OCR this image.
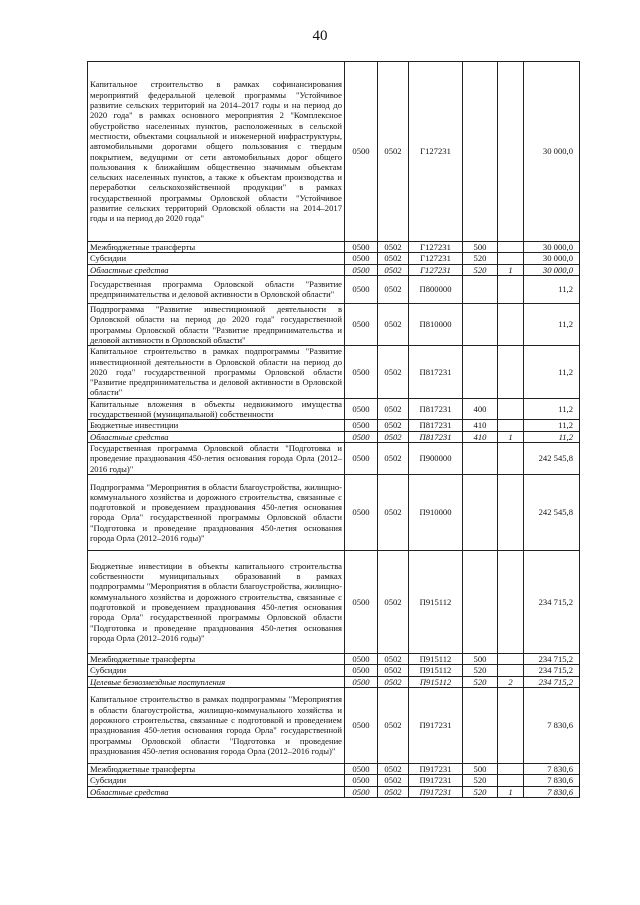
40
Капитальное строительство в рамках софинансирования мероприятий федеральной целевой программы "Устойчивое развитие сельских территорий на 2014–2017 годы и на период до 2020 года" в рамках основного мероприятия 2 "Комплексное обустройство населенных пунктов, расположенных в сельской местности, объектами социальной и инженерной инфраструктуры, автомобильными дорогами общего пользования с твердым покрытием, ведущими от сети автомобильных дорог общего пользования к ближайшим общественно значимым объектам сельских населенных пунктов, а также к объектам производства и переработки сельскохозяйственной продукции" в рамках государственной программы Орловской области "Устойчивое развитие сельских территорий Орловской области на 2014–2017 годы и на период до 2020 года"	0500	0502	Г127231			30 000,0
Межбюджетные трансферты	0500	0502	Г127231	500		30 000,0
Субсидии	0500	0502	Г127231	520		30 000,0
Областные средства	0500	0502	Г127231	520	1	30 000,0
Государственная программа Орловской области "Развитие предпринимательства и деловой активности в Орловской области"	0500	0502	П800000			11,2
Подпрограмма "Развитие инвестиционной деятельности в Орловской области на период до 2020 года" государственной программы Орловской области "Развитие предпринимательства и деловой активности в Орловской области"	0500	0502	П810000			11,2
Капитальное строительство в рамках подпрограммы "Развитие инвестиционной деятельности в Орловской области на период до 2020 года" государственной программы Орловской области "Развитие предпринимательства и деловой активности в Орловской области"	0500	0502	П817231			11,2
Капитальные вложения в объекты недвижимого имущества государственной (муниципальной) собственности	0500	0502	П817231	400		11,2
Бюджетные инвестиции	0500	0502	П817231	410		11,2
Областные средства	0500	0502	П817231	410	1	11,2
Государственная программа Орловской области "Подготовка и проведение празднования 450-летия основания города Орла (2012–2016 годы)"	0500	0502	П900000			242 545,8
Подпрограмма "Мероприятия в области благоустройства, жилищно-коммунального хозяйства и дорожного строительства, связанные с подготовкой и проведением празднования 450-летия основания города Орла" государственной программы Орловской области "Подготовка и проведение празднования 450-летия основания города Орла (2012–2016 годы)"	0500	0502	П910000			242 545,8
Бюджетные инвестиции в объекты капитального строительства собственности муниципальных образований в рамках подпрограммы "Мероприятия в области благоустройства, жилищно-коммунального хозяйства и дорожного строительства, связанные с подготовкой и проведением празднования 450-летия основания города Орла" государственной программы Орловской области "Подготовка и проведение празднования 450-летия основания города Орла (2012–2016 годы)"	0500	0502	П915112			234 715,2
Межбюджетные трансферты	0500	0502	П915112	500		234 715,2
Субсидии	0500	0502	П915112	520		234 715,2
Целевые безвозмездные поступления	0500	0502	П915112	520	2	234 715,2
Капитальное строительство в рамках подпрограммы "Мероприятия в области благоустройства, жилищно-коммунального хозяйства и дорожного строительства, связанные с подготовкой и проведением празднования 450-летия основания города Орла" государственной программы Орловской области "Подготовка и проведение празднования 450-летия основания города Орла (2012–2016 годы)"	0500	0502	П917231			7 830,6
Межбюджетные трансферты	0500	0502	П917231	500		7 830,6
Субсидии	0500	0502	П917231	520		7 830,6
Областные средства	0500	0502	П917231	520	1	7 830,6
